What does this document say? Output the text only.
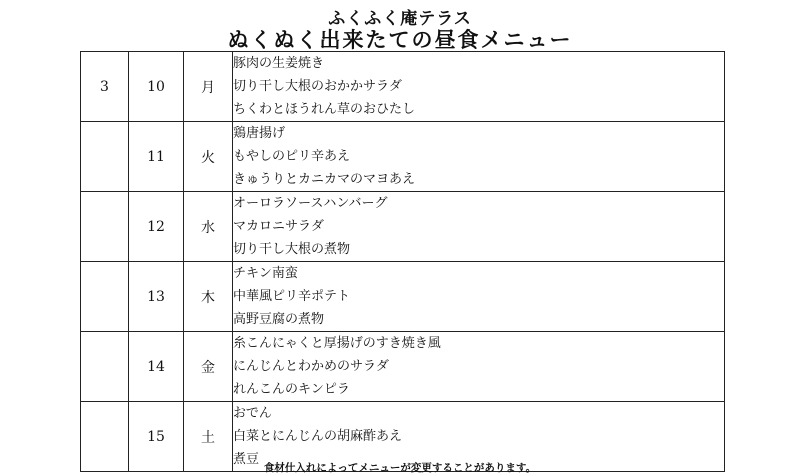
ふくふく庵テラス
ぬくぬく出来たての昼食メニュー
3	10	月	豚肉の生姜焼き
切り干し大根のおかかサラダ
ちくわとほうれん草のおひたし

	11	火	鶏唐揚げ
もやしのピリ辛あえ
きゅうりとカニカマのマヨあえ

	12	水	オーロラソースハンバーグ
マカロニサラダ
切り干し大根の煮物

	13	木	チキン南蛮
中華風ピリ辛ポテト
高野豆腐の煮物

	14	金	糸こんにゃくと厚揚げのすき焼き風
にんじんとわかめのサラダ
れんこんのキンピラ

	15	土	おでん
白菜とにんじんの胡麻酢あえ
煮豆
食材仕入れによってメニューが変更することがあります。
